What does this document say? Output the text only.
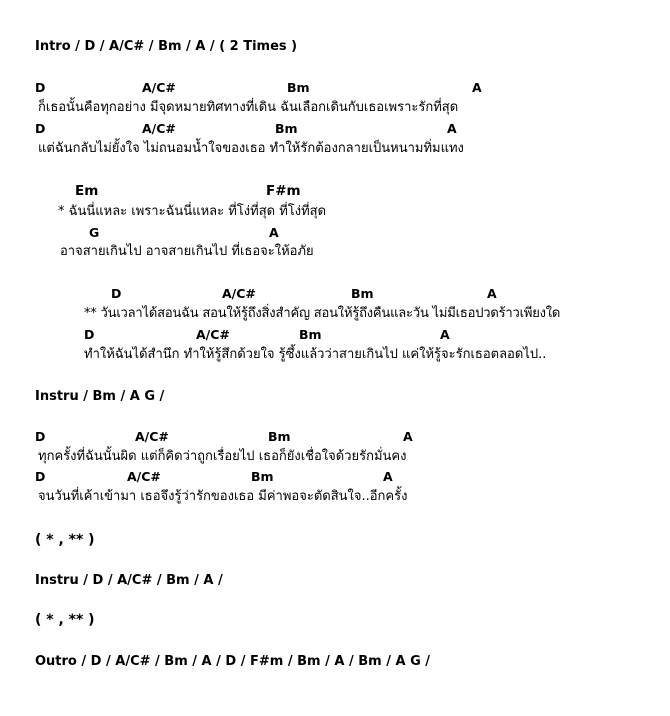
Intro / D / A/C# / Bm / A / ( 2 Times )
D	A/C#	Bm	A
ก็เธอนั้นคือทุกอย่าง มีจุดหมายทิศทางที่เดิน ฉันเลือกเดินกับเธอเพราะรักที่สุด
D	A/C#	Bm	A
แต่ฉันกลับไม่ยั้งใจ ไม่ถนอมน้ำใจของเธอ ทำให้รักต้องกลายเป็นหนามทิ่มแทง
Em	F#m
* ฉันนี่แหละ เพราะฉันนี่แหละ ที่โง่ที่สุด ที่โง่ที่สุด
G	A
อาจสายเกินไป อาจสายเกินไป ที่เธอจะให้อภัย
D	A/C#	Bm	A
** วันเวลาได้สอนฉัน สอนให้รู้ถึงสิ่งสำคัญ สอนให้รู้ถึงคืนและวัน ไม่มีเธอปวดร้าวเพียงใด
D	A/C#	Bm	A
ทำให้ฉันได้สำนึก ทำให้รู้สึกด้วยใจ รู้ซึ้งแล้วว่าสายเกินไป แค่ให้รู้จะรักเธอตลอดไป..
Instru / Bm / A G /
D	A/C#	Bm	A
ทุกครั้งที่ฉันนั้นผิด แต่ก็คิดว่าถูกเรื่อยไป เธอก็ยังเชื่อใจด้วยรักมั่นคง
D	A/C#	Bm	A
จนวันที่เค้าเข้ามา เธอจึงรู้ว่ารักของเธอ มีค่าพอจะตัดสินใจ..อีกครั้ง
( * , ** )
Instru / D / A/C# / Bm / A /
( * , ** )
Outro / D / A/C# / Bm / A / D / F#m / Bm / A / Bm / A G /
